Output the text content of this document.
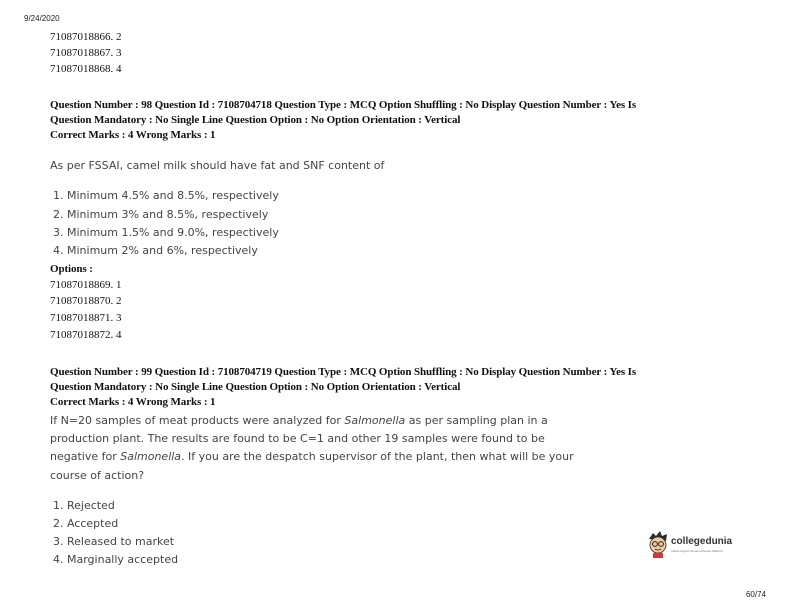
9/24/2020
71087018866. 2
71087018867. 3
71087018868. 4
Question Number : 98 Question Id : 7108704718 Question Type : MCQ Option Shuffling : No Display Question Number : Yes Is
Question Mandatory : No Single Line Question Option : No Option Orientation : Vertical
Correct Marks : 4 Wrong Marks : 1
As per FSSAI, camel milk should have fat and SNF content of
1. Minimum 4.5% and 8.5%, respectively
2. Minimum 3% and 8.5%, respectively
3. Minimum 1.5% and 9.0%, respectively
4. Minimum 2% and 6%, respectively
Options :
71087018869. 1
71087018870. 2
71087018871. 3
71087018872. 4
Question Number : 99 Question Id : 7108704719 Question Type : MCQ Option Shuffling : No Display Question Number : Yes Is
Question Mandatory : No Single Line Question Option : No Option Orientation : Vertical
Correct Marks : 4 Wrong Marks : 1
If N=20 samples of meat products were analyzed for Salmonella as per sampling plan in a
production plant. The results are found to be C=1 and other 19 samples were found to be
negative for Salmonella. If you are the despatch supervisor of the plant, then what will be your
course of action?
1. Rejected
2. Accepted
3. Released to market
4. Marginally accepted
collegedunia
India's largest Student Review Platform
60/74
